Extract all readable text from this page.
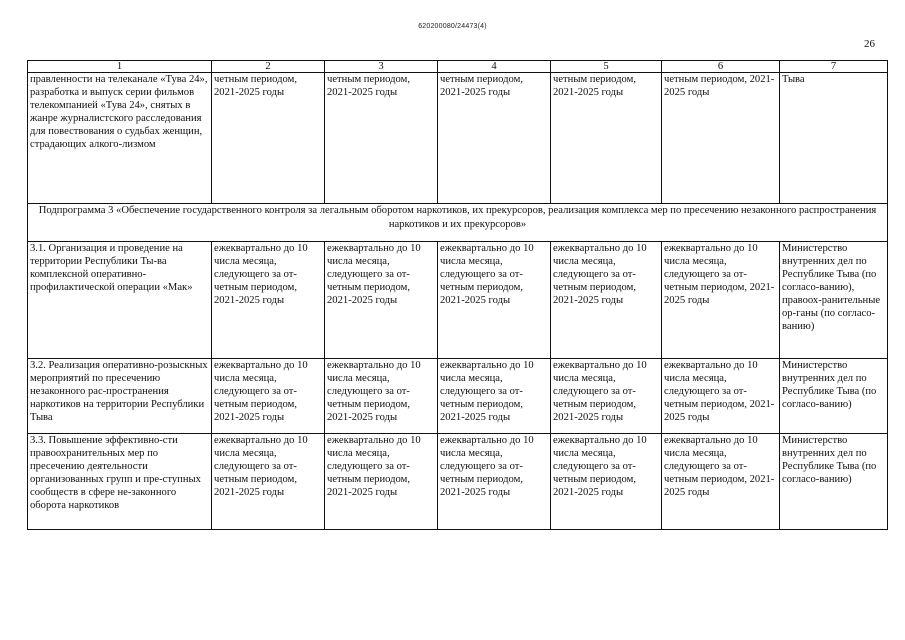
620200080/24473(4)
26
1	2	3	4	5	6	7
правленности на телеканале «Тува 24», разработка и выпуск серии фильмов телекомпанией «Тува 24», снятых в жанре журналистского расследования для повествования о судьбах женщин, страдающих алкого-лизмом	четным периодом, 2021-2025 годы	четным периодом, 2021-2025 годы	четным периодом, 2021-2025 годы	четным периодом, 2021-2025 годы	четным периодом, 2021-2025 годы	Тыва
Подпрограмма 3 «Обеспечение государственного контроля за легальным оборотом наркотиков, их прекурсоров, реализация комплекса мер по пресечению незаконного распространения наркотиков и их прекурсоров»						
3.1. Организация и проведение на территории Республики Ты-ва комплексной оперативно-профилактической операции «Мак»	ежеквартально до 10 числа месяца, следующего за от-четным периодом, 2021-2025 годы	ежеквартально до 10 числа месяца, следующего за от-четным периодом, 2021-2025 годы	ежеквартально до 10 числа месяца, следующего за от-четным периодом, 2021-2025 годы	ежеквартально до 10 числа месяца, следующего за от-четным периодом, 2021-2025 годы	ежеквартально до 10 числа месяца, следующего за от-четным периодом, 2021-2025 годы	Министерство внутренних дел по Республике Тыва (по согласо-ванию), правоох-ранительные ор-ганы (по согласо-ванию)
3.2. Реализация оперативно-розыскных мероприятий по пресечению незаконного рас-пространения наркотиков на территории Республики Тыва	ежеквартально до 10 числа месяца, следующего за от-четным периодом, 2021-2025 годы	ежеквартально до 10 числа месяца, следующего за от-четным периодом, 2021-2025 годы	ежеквартально до 10 числа месяца, следующего за от-четным периодом, 2021-2025 годы	ежеквартально до 10 числа месяца, следующего за от-четным периодом, 2021-2025 годы	ежеквартально до 10 числа месяца, следующего за от-четным периодом, 2021-2025 годы	Министерство внутренних дел по Республике Тыва (по согласо-ванию)
3.3. Повышение эффективно-сти правоохранительных мер по пресечению деятельности организованных групп и пре-ступных сообществ в сфере не-законного оборота наркотиков	ежеквартально до 10 числа месяца, следующего за от-четным периодом, 2021-2025 годы	ежеквартально до 10 числа месяца, следующего за от-четным периодом, 2021-2025 годы	ежеквартально до 10 числа месяца, следующего за от-четным периодом, 2021-2025 годы	ежеквартально до 10 числа месяца, следующего за от-четным периодом, 2021-2025 годы	ежеквартально до 10 числа месяца, следующего за от-четным периодом, 2021-2025 годы	Министерство внутренних дел по Республике Тыва (по согласо-ванию)
